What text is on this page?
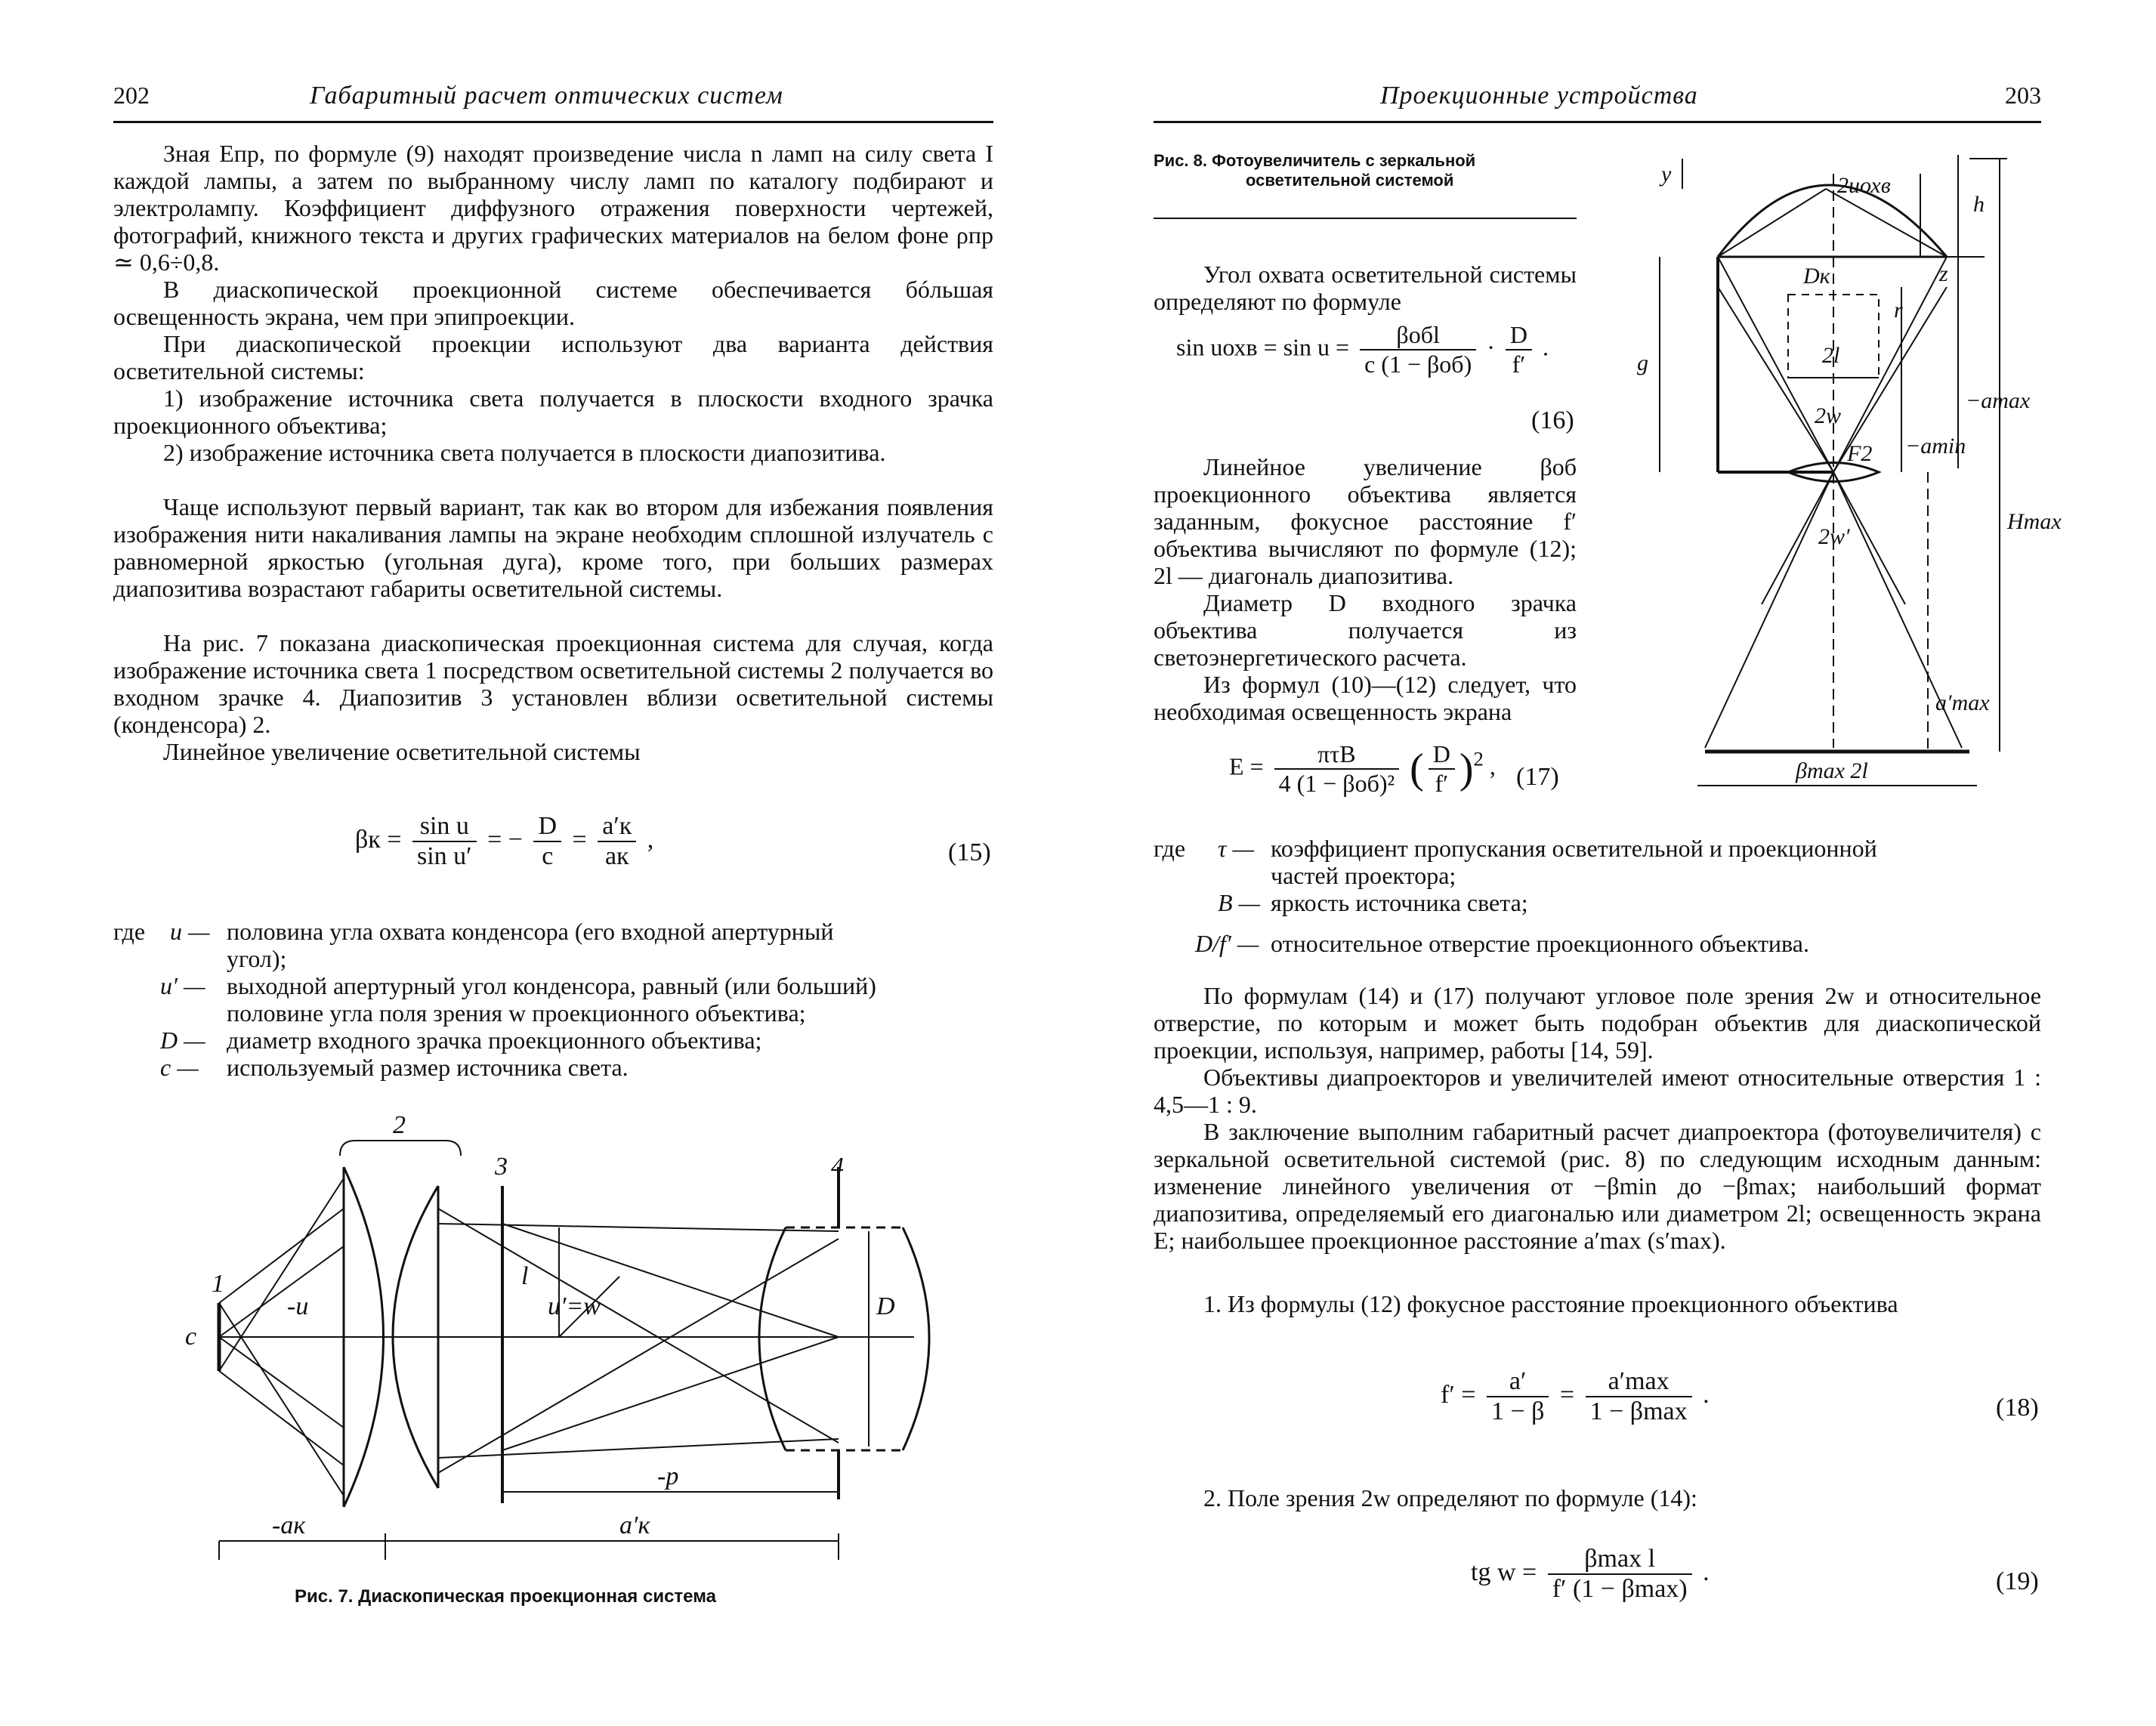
202	Габаритный расчет оптических систем

Зная Eпр, по формуле (9) находят произведение числа n ламп на силу света I каждой лампы, а затем по выбранному числу ламп по каталогу подбирают и электролампу. Коэффициент диффузного отражения поверхности чертежей, фотографий, книжного текста и других графических материалов на белом фоне ρпр ≃ 0,6÷0,8.

В диаскопической проекционной системе обеспечивается бóльшая освещенность экрана, чем при эпипроекции.

При диаскопической проекции используют два варианта действия осветительной системы:

1) изображение источника света получается в плоскости входного зрачка проекционного объектива;

2) изображение источника света получается в плоскости диапозитива.

Чаще используют первый вариант, так как во втором для избежания появления изображения нити накаливания лампы на экране необходим сплошной излучатель с равномерной яркостью (угольная дуга), кроме того, при больших размерах диапозитива возрастают габариты осветительной системы.

На рис. 7 показана диаскопическая проекционная система для случая, когда изображение источника света 1 посредством осветительной системы 2 получается во входном зрачке 4. Диапозитив 3 установлен вблизи осветительной системы (конденсора) 2.

Линейное увеличение осветительной системы

$\beta к = \frac{\text{sin u}}{\text{sin u′}}$ = − $\frac{D}{c} = \frac{a'к}{aк}$ ,	(15)
где u — половина угла охвата конденсора (его входной апертурный
угол);
u′ — выходной апертурный угол конденсора, равный (или больший)
половине угла поля зрения w проекционного объектива;
D — диаметр входного зрачка проекционного объектива;
c — используемый размер источника света.
1
2
3	4
c
-u
l
u′=w	D
-p
-aк	a′к
Рис. 7. Диаскопическая проекционная система
Проекционные устройства	203
Рис. 8. Фотоувеличитель с зеркальной
осветительной системой	y	2uохв
h
Dк	z
r
g	2l
−amax
2w
−amin
F2
2w′
Hmax
a′max
βmax 2l

Угол охвата осветительной системы определяют по формуле

sin uохв = $\sin u = \frac{\text{βобl}}{\text{c (1 − βоб)}} \cdot \frac{D}{f'}$ .
(16)

Линейное увеличение βоб проекционного объектива является заданным, фокусное расстояние f′ объектива вычисляют по формуле (12); 2l — диагональ диапозитива.

Диаметр D входного зрачка объектива получается из светоэнергетического расчета.

Из формул (10)—(12) следует, что необходимая освещенность экрана

$E = \frac{\text{πτB}}{\text{4 (1 − βоб)²}}$ ( $\frac{D}{f'} )^2$ , (17)
где τ — коэффициент пропускания осветительной и проекционной
частей проектора;
B — яркость источника света;
D/f′ — относительное отверстие проекционного объектива.

По формулам (14) и (17) получают угловое поле зрения 2w и относительное отверстие, по которым и может быть подобран объектив для диаскопической проекции, используя, например, работы [14, 59].

Объективы диапроекторов и увеличителей имеют относительные отверстия 1 : 4,5—1 : 9.

В заключение выполним габаритный расчет диапроектора (фотоувеличителя) с зеркальной осветительной системой (рис. 8) по следующим исходным данным: изменение линейного увеличения от −βmin до −βmax; наибольший формат диапозитива, определяемый его диагональю или диаметром 2l; освещенность экрана E; наибольшее проекционное расстояние a′max (s′max).

1. Из формулы (12) фокусное расстояние проекционного объектива

$f' = \frac{a'}{1 - \beta} = \frac{a'\max}{1 - \beta\max}$ .	(18)

2. Поле зрения 2w определяют по формуле (14):

tg $w = \frac{\text{βmax l}}{f' (1 - \beta\max)}$ .	(19)
